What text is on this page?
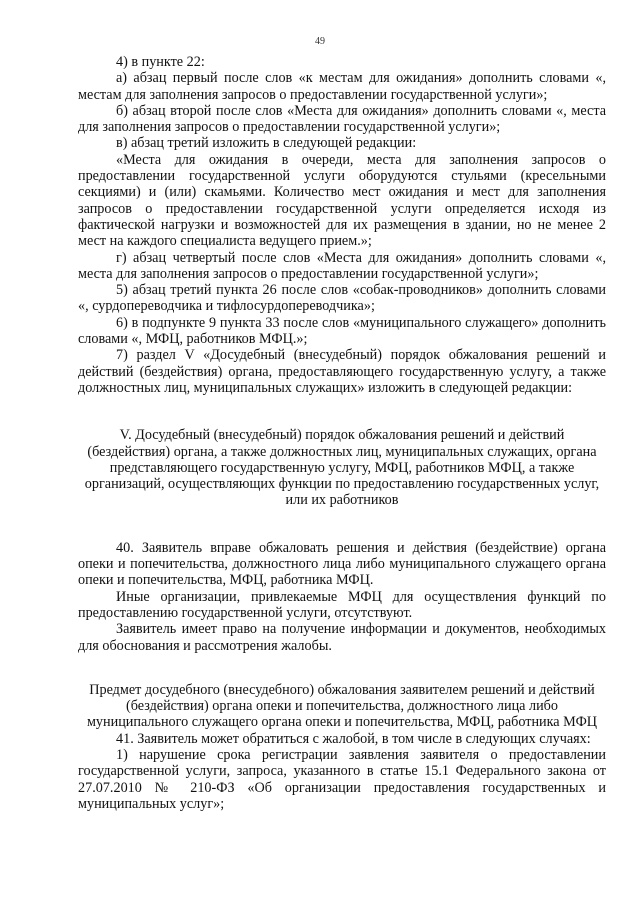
49

4) в пункте 22:

а) абзац первый после слов «к местам для ожидания» дополнить словами «, местам для заполнения запросов о предоставлении государственной услуги»;

б) абзац второй после слов «Места для ожидания» дополнить словами «, места для заполнения запросов о предоставлении государственной услуги»;

в) абзац третий изложить в следующей редакции:

«Места для ожидания в очереди, места для заполнения запросов о предоставлении государственной услуги оборудуются стульями (кресельными секциями) и (или) скамьями. Количество мест ожидания и мест для заполнения запросов о предоставлении государственной услуги определяется исходя из фактической нагрузки и возможностей для их размещения в здании, но не менее 2 мест на каждого специалиста ведущего прием.»;

г) абзац четвертый после слов «Места для ожидания» дополнить словами «, места для заполнения запросов о предоставлении государственной услуги»;

5) абзац третий пункта 26 после слов «собак-проводников» дополнить словами «, сурдопереводчика и тифлосурдопереводчика»;

6) в подпункте 9 пункта 33 после слов «муниципального служащего» дополнить словами «, МФЦ, работников МФЦ.»;

7) раздел V «Досудебный (внесудебный) порядок обжалования решений и действий (бездействия) органа, предоставляющего государственную услугу, а также должностных лиц, муниципальных служащих» изложить в следующей редакции:

V. Досудебный (внесудебный) порядок обжалования решений и действий (бездействия) органа, а также должностных лиц, муниципальных служащих, органа представляющего государственную услугу, МФЦ, работников МФЦ, а также организаций, осуществляющих функции по предоставлению государственных услуг, или их работников

40. Заявитель вправе обжаловать решения и действия (бездействие) органа опеки и попечительства, должностного лица либо муниципального служащего органа опеки и попечительства, МФЦ, работника МФЦ.

Иные организации, привлекаемые МФЦ для осуществления функций по предоставлению государственной услуги, отсутствуют.

Заявитель имеет право на получение информации и документов, необходимых для обоснования и рассмотрения жалобы.

Предмет досудебного (внесудебного) обжалования заявителем решений и действий (бездействия) органа опеки и попечительства, должностного лица либо муниципального служащего органа опеки и попечительства, МФЦ, работника МФЦ

41. Заявитель может обратиться с жалобой, в том числе в следующих случаях:

1) нарушение срока регистрации заявления заявителя о предоставлении государственной услуги, запроса, указанного в статье 15.1 Федерального закона от 27.07.2010 № 210-ФЗ «Об организации предоставления государственных и муниципальных услуг»;
